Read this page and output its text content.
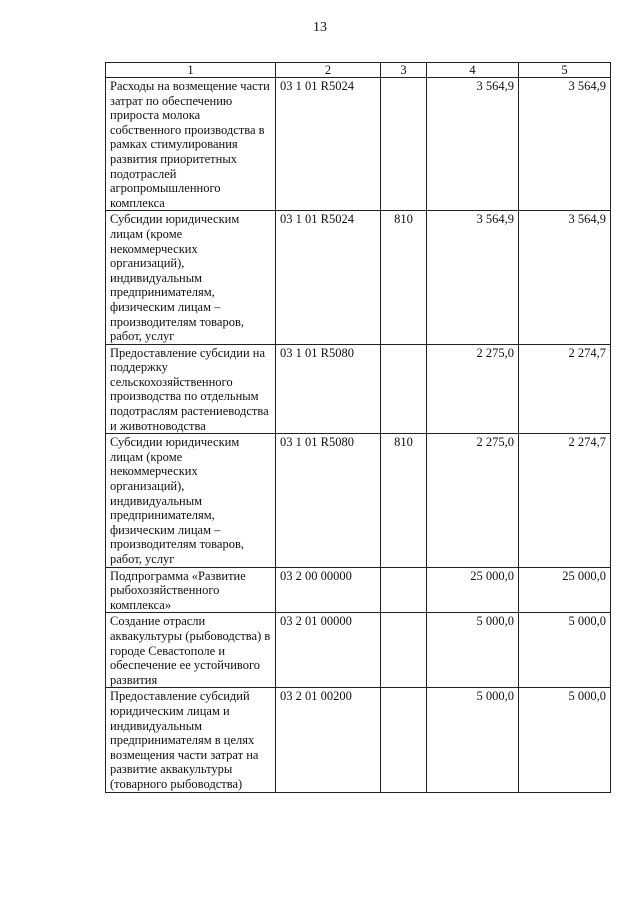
13
1	2	3	4	5
Расходы на возмещение части затрат по обеспечению прироста молока собственного производства в рамках стимулирования развития приоритетных подотраслей агропромышленного комплекса	03 1 01 R5024		3 564,9	3 564,9
Субсидии юридическим лицам (кроме некоммерческих организаций), индивидуальным предпринимателям, физическим лицам – производителям товаров, работ, услуг	03 1 01 R5024	810	3 564,9	3 564,9
Предоставление субсидии на поддержку сельскохозяйственного производства по отдельным подотраслям растениеводства и животноводства	03 1 01 R5080		2 275,0	2 274,7
Субсидии юридическим лицам (кроме некоммерческих организаций), индивидуальным предпринимателям, физическим лицам – производителям товаров, работ, услуг	03 1 01 R5080	810	2 275,0	2 274,7
Подпрограмма «Развитие рыбохозяйственного комплекса»	03 2 00 00000		25 000,0	25 000,0
Создание отрасли аквакультуры (рыбоводства) в городе Севастополе и обеспечение ее устойчивого развития	03 2 01 00000		5 000,0	5 000,0
Предоставление субсидий юридическим лицам и индивидуальным предпринимателям в целях возмещения части затрат на развитие аквакультуры (товарного рыбоводства)	03 2 01 00200		5 000,0	5 000,0
